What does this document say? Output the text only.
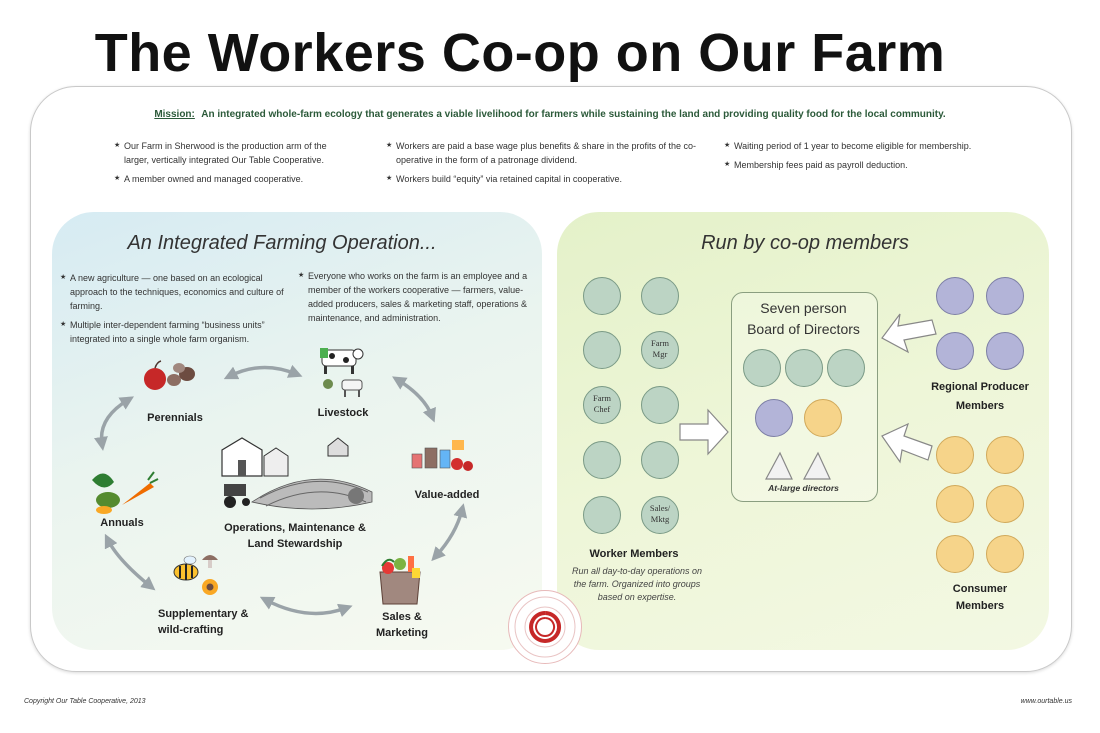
The Workers Co-op on Our Farm
Mission: An integrated whole-farm ecology that generates a viable livelihood for farmers while sustaining the land and providing quality food for the local community.
★ Our Farm in Sherwood is the production arm of the larger, vertically integrated Our Table Cooperative.
★ A member owned and managed cooperative.
★ Workers are paid a base wage plus benefits & share in the profits of the co-operative in the form of a patronage dividend.
★ Workers build “equity” via retained capital in cooperative.
★ Waiting period of 1 year to become eligible for membership.
★ Membership fees paid as payroll deduction.
An Integrated Farming Operation...
★ A new agriculture — one based on an ecological approach to the techniques, economics and culture of farming.
★ Multiple inter-dependent farming “business units” integrated into a single whole farm organism.
★ Everyone who works on the farm is an employee and a member of the workers cooperative — farmers, value-added producers, sales & marketing staff, operations & maintenance, and administration.
Perennials	Livestock
Value-added
Annuals	Operations, Maintenance &
Land Stewardship
Supplementary &
wild-crafting
Sales &
Marketing
Run by co-op members
Farm
Mgr
Farm
Chef
Sales/
Mktg
Worker Members
Run all day-to-day operations on
the farm. Organized into groups
based on expertise.
Seven person
Board of Directors
At-large directors
Regional Producer
Members
Consumer
Members
Copyright Our Table Cooperative, 2013	www.ourtable.us
